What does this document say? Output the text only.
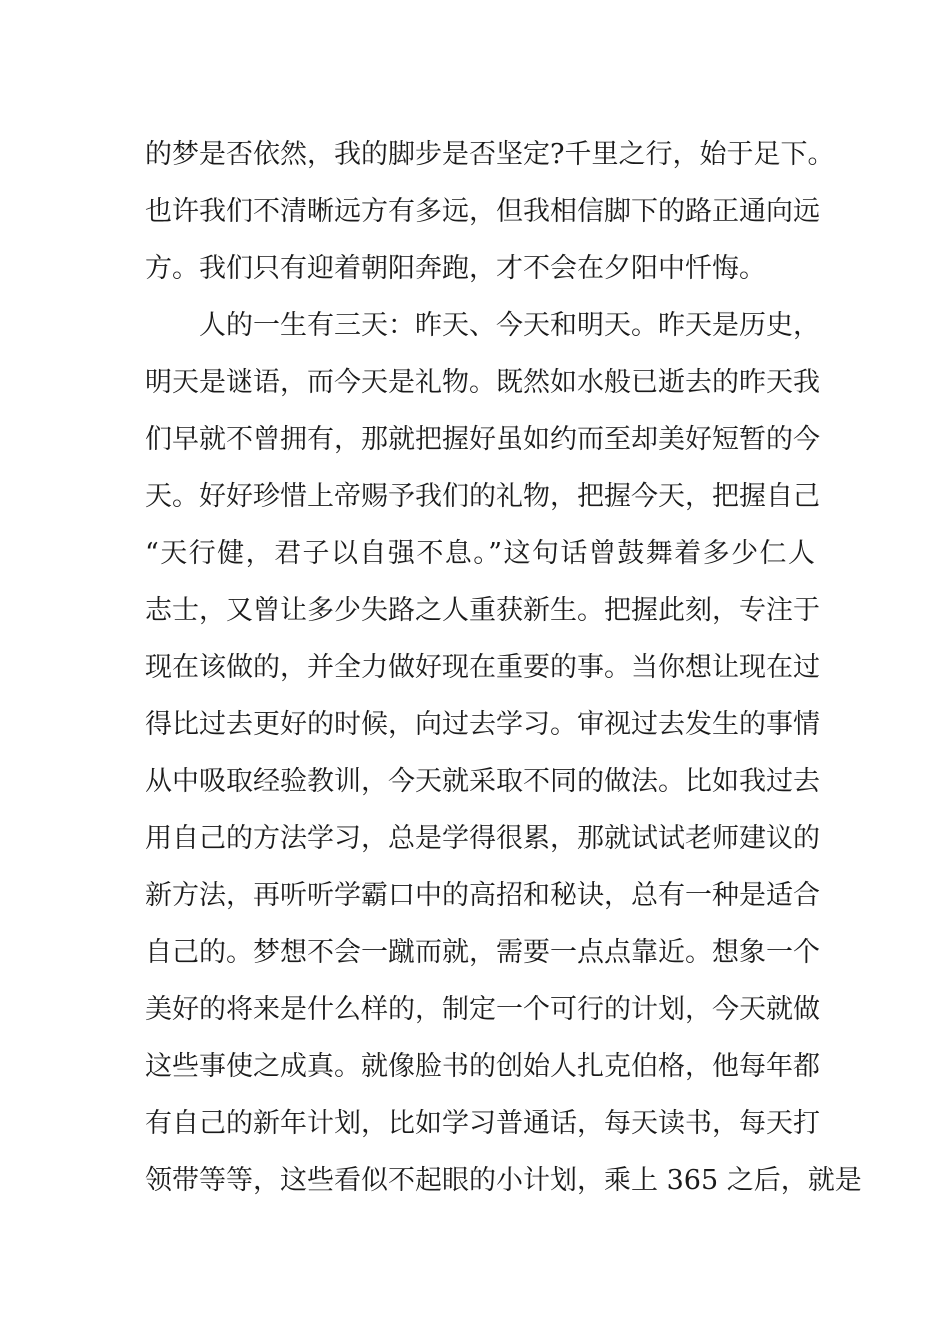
的梦是否依然，我的脚步是否坚定?千里之行，始于足下。
也许我们不清晰远方有多远，但我相信脚下的路正通向远
方。我们只有迎着朝阳奔跑，才不会在夕阳中忏悔。
人的一生有三天：昨天、今天和明天。昨天是历史，
明天是谜语，而今天是礼物。既然如水般已逝去的昨天我
们早就不曾拥有，那就把握好虽如约而至却美好短暂的今
天。好好珍惜上帝赐予我们的礼物，把握今天，把握自己
“天行健，君子以自强不息。”这句话曾鼓舞着多少仁人
志士，又曾让多少失路之人重获新生。把握此刻，专注于
现在该做的，并全力做好现在重要的事。当你想让现在过
得比过去更好的时候，向过去学习。审视过去发生的事情
从中吸取经验教训，今天就采取不同的做法。比如我过去
用自己的方法学习，总是学得很累，那就试试老师建议的
新方法，再听听学霸口中的高招和秘诀，总有一种是适合
自己的。梦想不会一蹴而就，需要一点点靠近。想象一个
美好的将来是什么样的，制定一个可行的计划，今天就做
这些事使之成真。就像脸书的创始人扎克伯格，他每年都
有自己的新年计划，比如学习普通话，每天读书，每天打
领带等等，这些看似不起眼的小计划，乘上 365 之后，就是
